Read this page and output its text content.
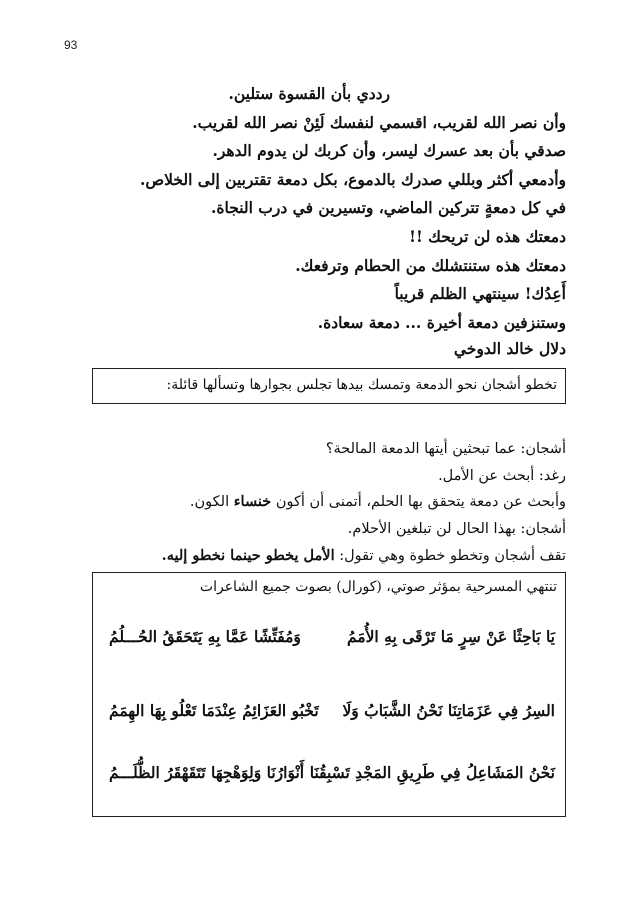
93
رددي بأن القسوة ستلين.
وأن نصر الله لقريب، اقسمي لنفسك لَئِنْ نصر الله لقريب.
صدقي بأن بعد عسرك ليسر، وأن كربك لن يدوم الدهر.
وأدمعي أكثر وبللي صدرك بالدموع، بكل دمعة تقتربين إلى الخلاص.
في كل دمعةٍ تتركين الماضي، وتسيرين في درب النجاة.
دمعتك هذه لن تريحك !!
دمعتك هذه ستنتشلك من الحطام وترفعك.
أَعِدُك! سينتهي الظلم قريباً
وستنزفين دمعة أخيرة ... دمعة سعادة.
دلال خالد الدوخي
تخطو أشجان نحو الدمعة وتمسك بيدها تجلس بجوارها وتسألها قائلة:
أشجان: عما تبحثين أيتها الدمعة المالحة؟
رغد: أبحث عن الأمل.
وأبحث عن دمعة يتحقق بها الحلم، أتمنى أن أكون خنساء الكون.
أشجان: بهذا الحال لن تبلغين الأحلام.
تقف أشجان وتخطو خطوة وهي تقول: الأمل يخطو حينما نخطو إليه.
تنتهي المسرحية بمؤثر صوتي، (كورال) بصوت جميع الشاعرات
يَا بَاحِثًا عَنْ سِرٍ مَا تَرْقَى بِهِ الأُمَمُ
وَمُفَتِّشًا عَمَّا بِهِ يَتَحَقَقُ الحُـــلُمُ
السِرُ فِي عَزَمَاتِنَا نَحْنُ الشَّبَابُ وَلَا
تَخْبُو العَزَائِمُ عِنْدَمَا تَعْلُو بِهَا الهِمَمُ
نَحْنُ المَشَاعِلُ فِي طَرِيقِ المَجْدِ تَسْبِقُنَا
أَنْوَارُنَا وَلِوَهْجِهَا تَتَقَهْقَرُ الظُّلَـــمُ
